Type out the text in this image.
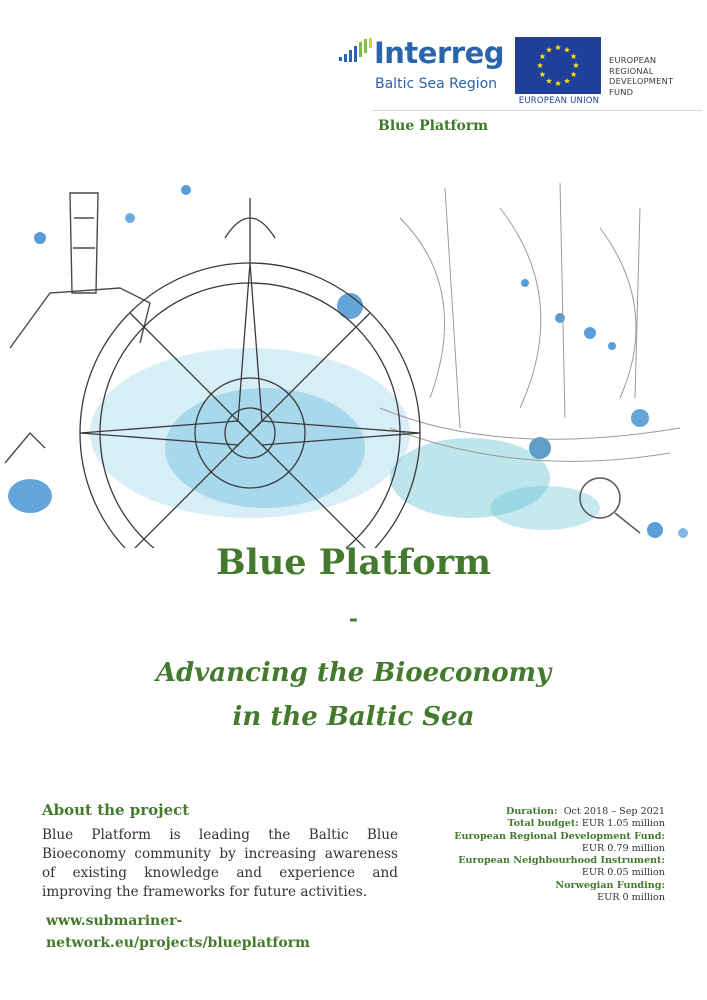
Interreg
Baltic Sea Region
EUROPEAN UNION
EUROPEAN
REGIONAL
DEVELOPMENT
FUND
Blue Platform
Blue Platform
-
Advancing the Bioeconomy
in the Baltic Sea
About the project
Blue Platform is leading the Baltic Blue Bioeconomy community by increasing awareness of existing knowledge and experience and improving the frameworks for future activities.
www.submariner-
network.eu/projects/blueplatform
Duration: Oct 2018 – Sep 2021
Total budget: EUR 1.05 million
European Regional Development Fund:
EUR 0.79 million
European Neighbourhood Instrument:
EUR 0.05 million
Norwegian Funding:
EUR 0 million
